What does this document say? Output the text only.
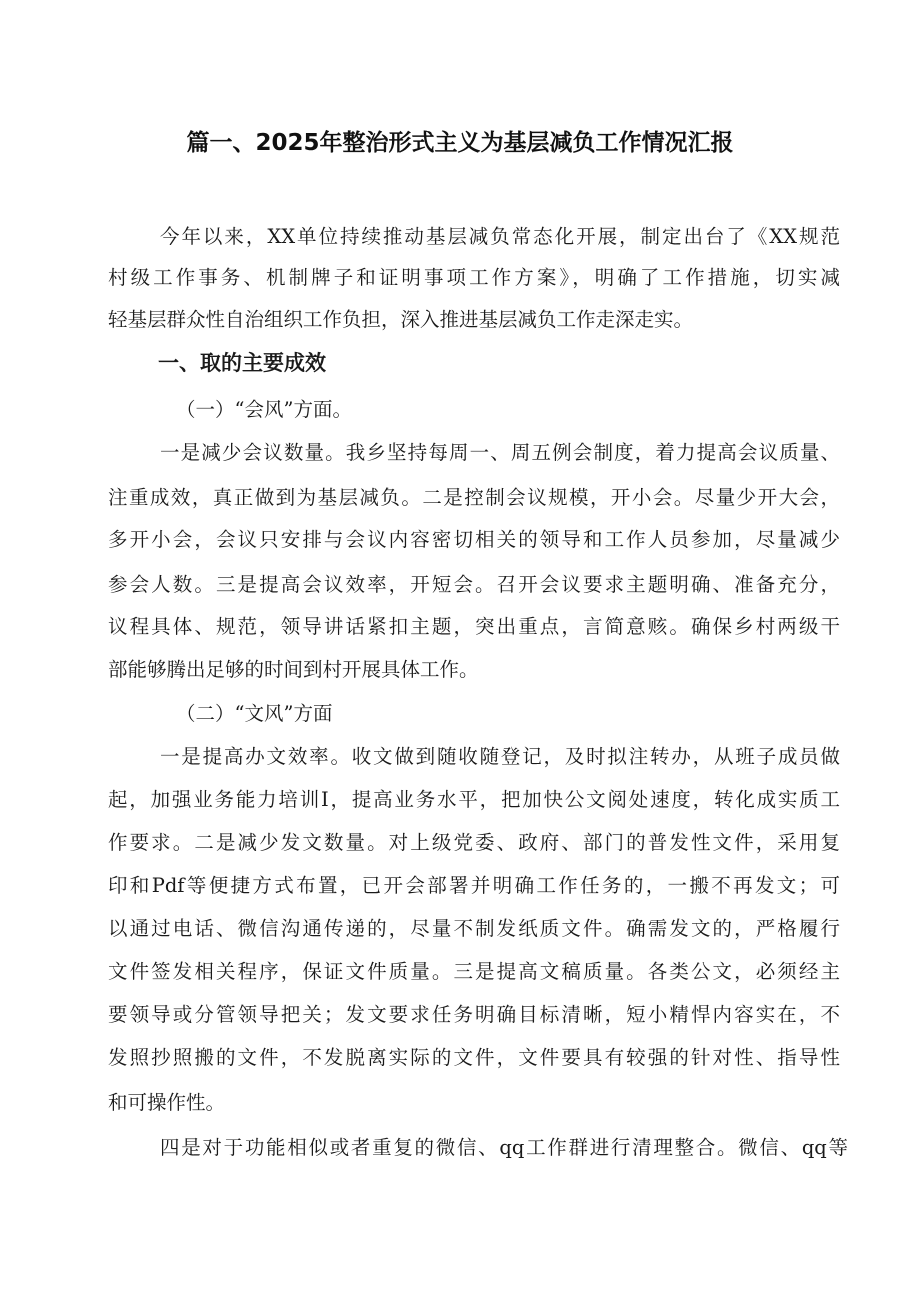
篇一、2025年整治形式主义为基层减负工作情况汇报
今年以来，XX单位持续推动基层减负常态化开展，制定出台了《XX规范
村级工作事务、机制牌子和证明事项工作方案》，明确了工作措施，切实减
轻基层群众性自治组织工作负担，深入推进基层减负工作走深走实。
一、取的主要成效
（一）“会风”方面。
一是减少会议数量。我乡坚持每周一、周五例会制度，着力提高会议质量、
注重成效，真正做到为基层减负。二是控制会议规模，开小会。尽量少开大会，
多开小会，会议只安排与会议内容密切相关的领导和工作人员参加，尽量减少
参会人数。三是提高会议效率，开短会。召开会议要求主题明确、准备充分，
议程具体、规范，领导讲话紧扣主题，突出重点，言简意赅。确保乡村两级干
部能够腾出足够的时间到村开展具体工作。
（二）“文风”方面
一是提高办文效率。收文做到随收随登记，及时拟注转办，从班子成员做
起，加强业务能力培训I，提高业务水平，把加快公文阅处速度，转化成实质工
作要求。二是减少发文数量。对上级党委、政府、部门的普发性文件，采用复
印和Pdf等便捷方式布置，已开会部署并明确工作任务的，一搬不再发文；可
以通过电话、微信沟通传递的，尽量不制发纸质文件。确需发文的，严格履行
文件签发相关程序，保证文件质量。三是提高文稿质量。各类公文，必须经主
要领导或分管领导把关；发文要求任务明确目标清晰，短小精悍内容实在，不
发照抄照搬的文件，不发脱离实际的文件，文件要具有较强的针对性、指导性
和可操作性。
四是对于功能相似或者重复的微信、qq工作群进行清理整合。微信、qq等
